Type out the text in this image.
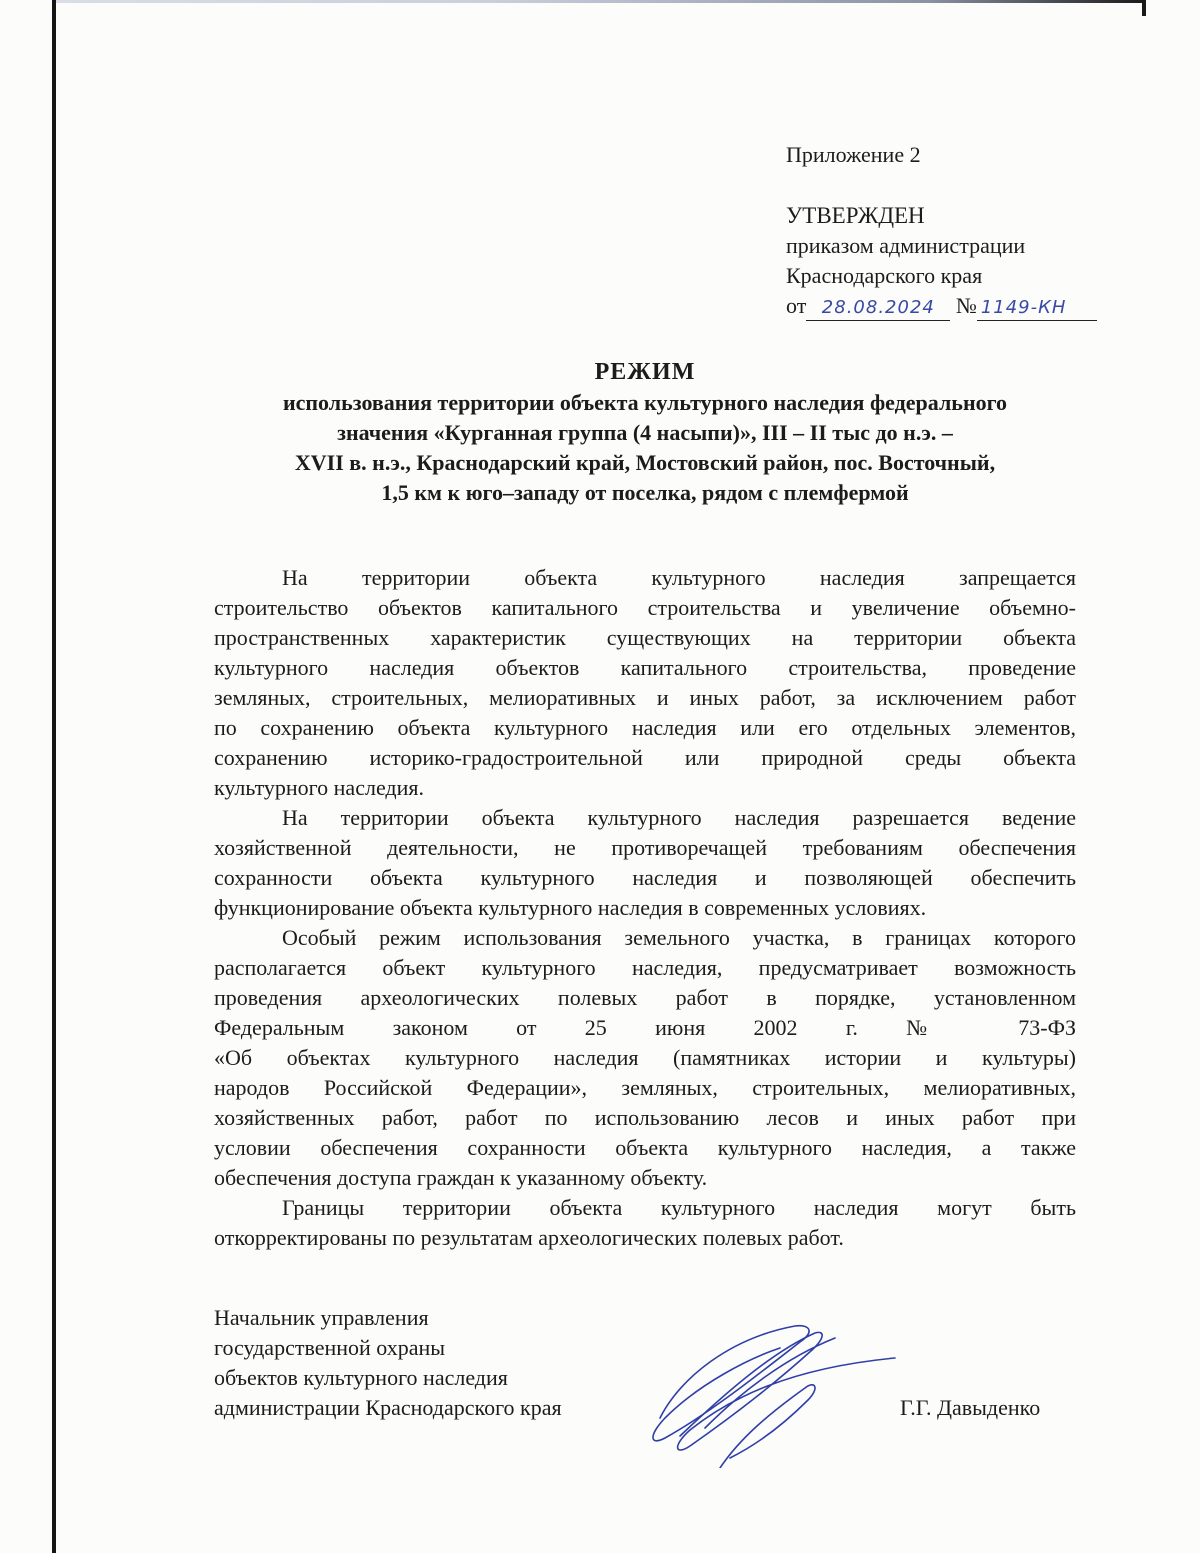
Приложение 2
УТВЕРЖДЕН
приказом администрации
Краснодарского края
от 28.08.2024 № 1149-КН
РЕЖИМ
использования территории объекта культурного наследия федерального
значения «Курганная группа (4 насыпи)», III – II тыс до н.э. –
XVII в. н.э., Краснодарский край, Мостовский район, пос. Восточный,
1,5 км к юго–западу от поселка, рядом с племфермой
На территории объекта культурного наследия запрещается
строительство объектов капитального строительства и увеличение объемно-
пространственных характеристик существующих на территории объекта
культурного наследия объектов капитального строительства, проведение
земляных, строительных, мелиоративных и иных работ, за исключением работ
по сохранению объекта культурного наследия или его отдельных элементов,
сохранению историко-градостроительной или природной среды объекта
культурного наследия.
На территории объекта культурного наследия разрешается ведение
хозяйственной деятельности, не противоречащей требованиям обеспечения
сохранности объекта культурного наследия и позволяющей обеспечить
функционирование объекта культурного наследия в современных условиях.
Особый режим использования земельного участка, в границах которого
располагается объект культурного наследия, предусматривает возможность
проведения археологических полевых работ в порядке, установленном
Федеральным законом от 25 июня 2002 г. № 73-ФЗ
«Об объектах культурного наследия (памятниках истории и культуры)
народов Российской Федерации», земляных, строительных, мелиоративных,
хозяйственных работ, работ по использованию лесов и иных работ при
условии обеспечения сохранности объекта культурного наследия, а также
обеспечения доступа граждан к указанному объекту.
Границы территории объекта культурного наследия могут быть
откорректированы по результатам археологических полевых работ.
Начальник управления
государственной охраны
объектов культурного наследия
администрации Краснодарского края	Г.Г. Давыденко
